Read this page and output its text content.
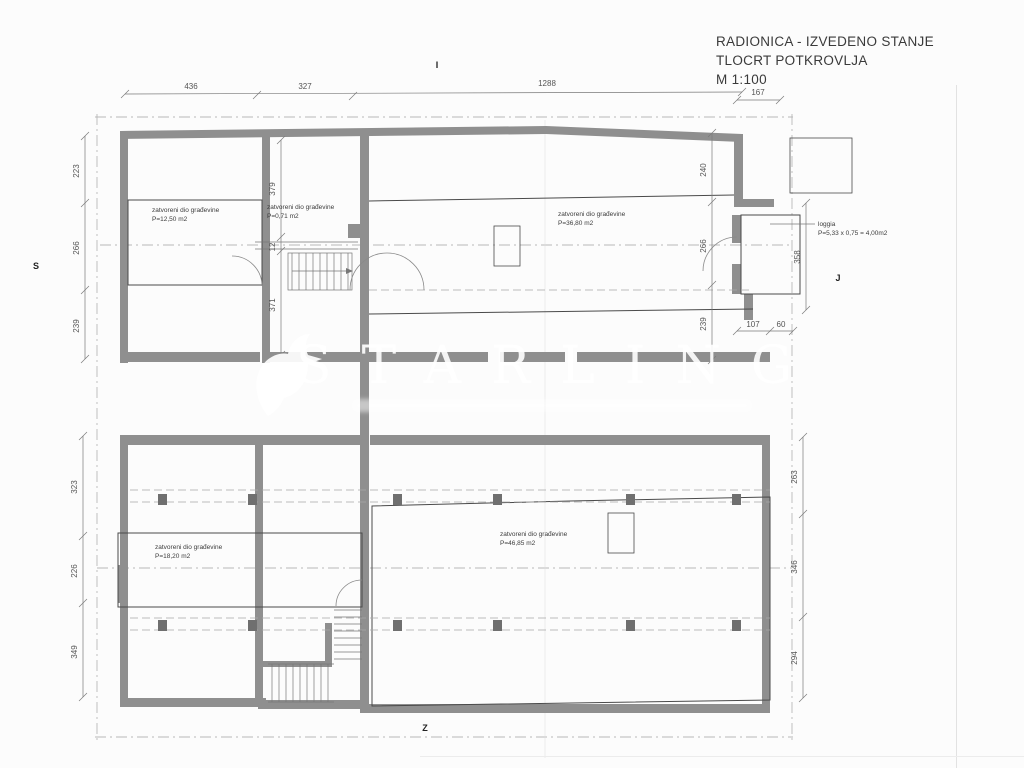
436	327	1288
167
223
266
239
323
226
349
379
12
371
240
266
239	107 60
358
263
346
294
zatvoreni dio građevine
P=12,50 m2
zatvoreni dio građevine
P=0,71 m2	zatvoreni dio građevine
P=36,80 m2	loggia
P=5,33 x 0,75 = 4,00m2
zatvoreni dio građevine
P=18,20 m2
zatvoreni dio građevine
P=46,85 m2
I
S
J
Z
RADIONICA - IZVEDENO STANJE
TLOCRT POTKROVLJA
M 1:100
STARLING
